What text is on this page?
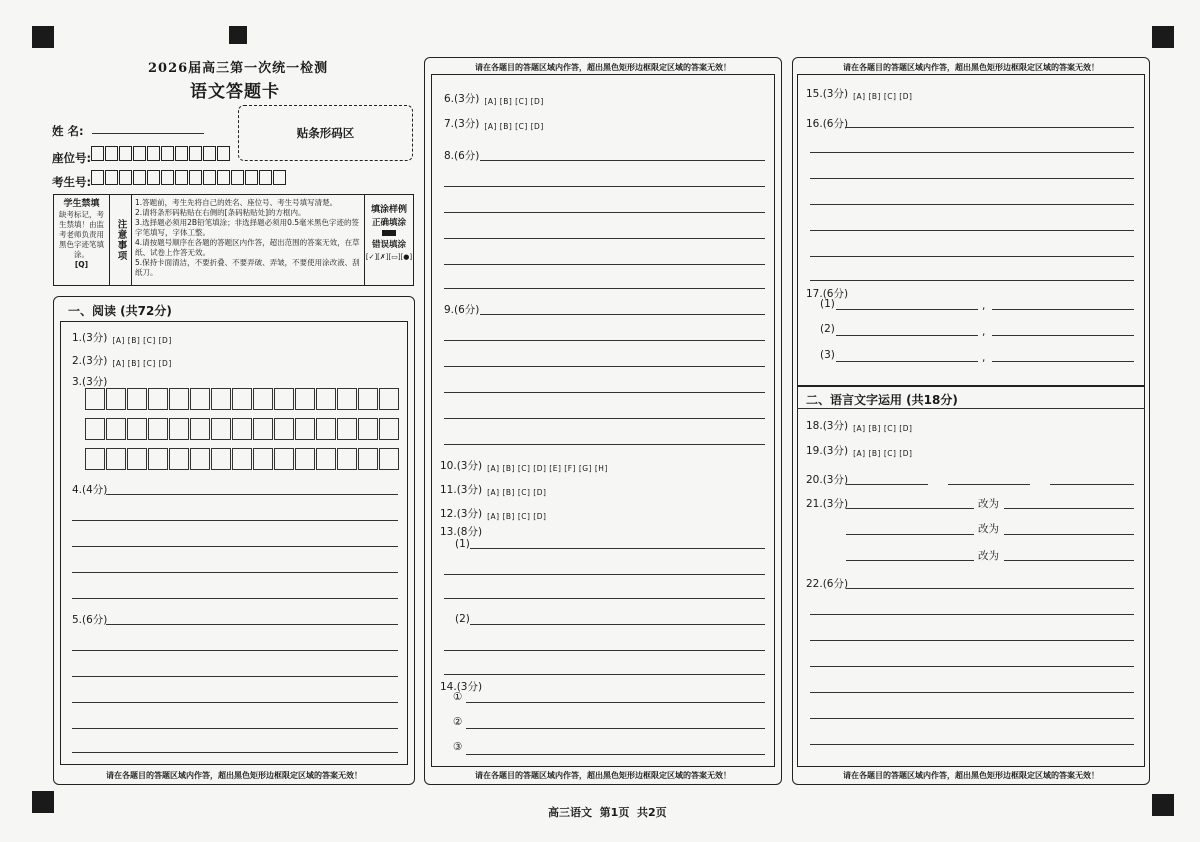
2026届高三第一次统一检测
语文答题卡
贴条形码区
姓 名:
座位号:
考生号:
学生禁填
缺考标记，考生禁填！由监考老师负责用黑色字迹笔填涂。
[Q]
注意事项
1.答题前，考生先将自己的姓名、座位号、考生号填写清楚。
2.请将条形码粘贴在右侧的[条码粘贴处]的方框内。
3.选择题必须用2B铅笔填涂；非选择题必须用0.5毫米黑色字迹的签字笔填写，字体工整。
4.请按题号顺序在各题的答题区内作答，超出范围的答案无效，在草纸、试卷上作答无效。
5.保持卡面清洁，不要折叠、不要弄破、弄皱，不要使用涂改液、刮纸刀。
填涂样例
正确填涂
错误填涂
[✓][✗][▭][●]
一、阅读 (共72分)
请在各题目的答题区域内作答，超出黑色矩形边框限定区域的答案无效！
1.(3分) [A] [B] [C] [D]
2.(3分) [A] [B] [C] [D]
3.(3分)
4.(4分)
5.(6分)
请在各题目的答题区域内作答，超出黑色矩形边框限定区域的答案无效！
请在各题目的答题区域内作答，超出黑色矩形边框限定区域的答案无效！
6.(3分) [A] [B] [C] [D]
7.(3分) [A] [B] [C] [D]
8.(6分)
9.(6分)
10.(3分) [A] [B] [C] [D] [E] [F] [G] [H]
11.(3分) [A] [B] [C] [D]
12.(3分) [A] [B] [C] [D]
13.(8分)
(1)
(2)
14.(3分)
①
②
③
请在各题目的答题区域内作答，超出黑色矩形边框限定区域的答案无效！
请在各题目的答题区域内作答，超出黑色矩形边框限定区域的答案无效！
15.(3分) [A] [B] [C] [D]
16.(6分)
17.(6分)
(1)	,
(2)	,
(3)	,
二、语言文字运用 (共18分)
18.(3分) [A] [B] [C] [D]
19.(3分) [A] [B] [C] [D]
20.(3分)
21.(3分)	改为
改为
改为
22.(6分)
高三语文  第1页  共2页
